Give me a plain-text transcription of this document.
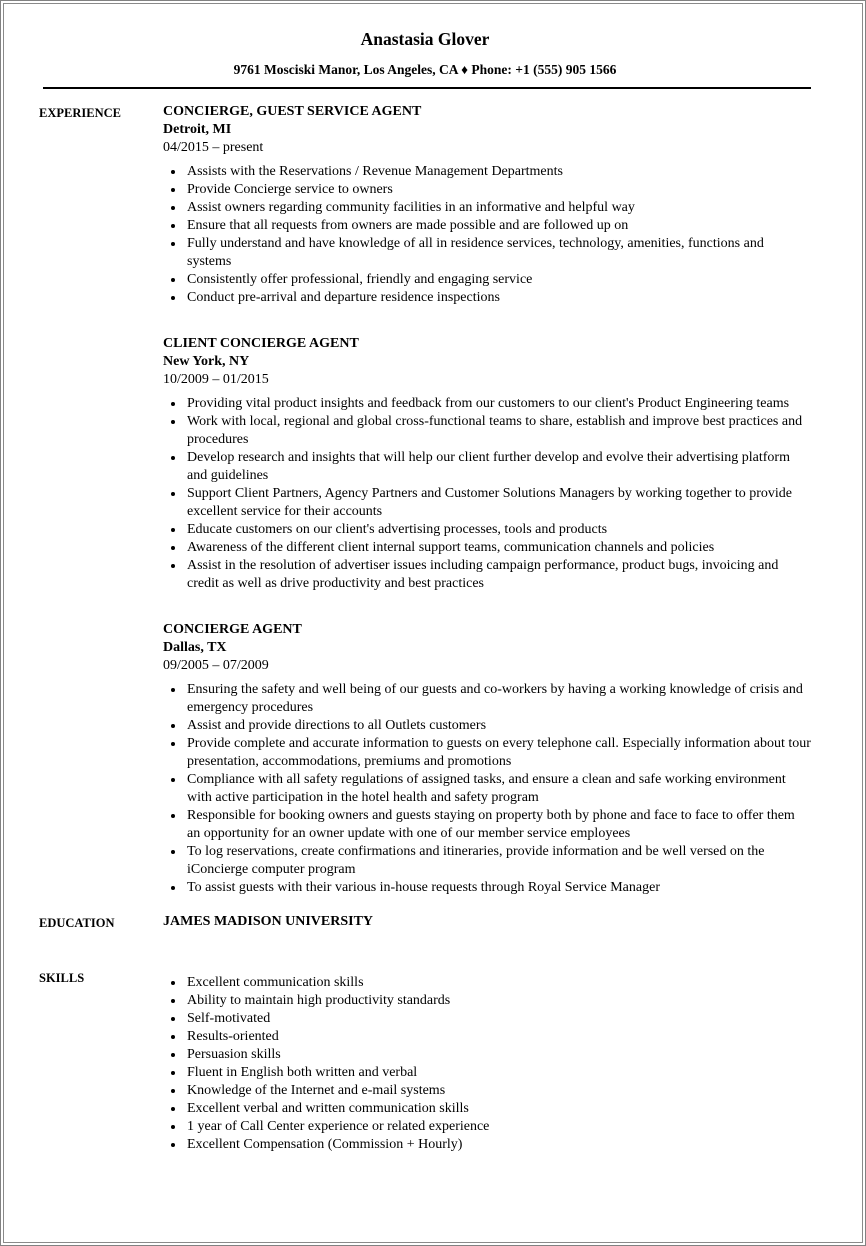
Anastasia Glover
9761 Mosciski Manor, Los Angeles, CA ♦ Phone: +1 (555) 905 1566
EXPERIENCE	CONCIERGE, GUEST SERVICE AGENT
Detroit, MI
04/2015 – present
• Assists with the Reservations / Revenue Management Departments
• Provide Concierge service to owners
• Assist owners regarding community facilities in an informative and helpful way
• Ensure that all requests from owners are made possible and are followed up on
• Fully understand and have knowledge of all in residence services, technology, amenities, functions and systems
• Consistently offer professional, friendly and engaging service
• Conduct pre-arrival and departure residence inspections
CLIENT CONCIERGE AGENT
New York, NY
10/2009 – 01/2015
• Providing vital product insights and feedback from our customers to our client's Product Engineering teams
• Work with local, regional and global cross-functional teams to share, establish and improve best practices and procedures
• Develop research and insights that will help our client further develop and evolve their advertising platform and guidelines
• Support Client Partners, Agency Partners and Customer Solutions Managers by working together to provide excellent service for their accounts
• Educate customers on our client's advertising processes, tools and products
• Awareness of the different client internal support teams, communication channels and policies
• Assist in the resolution of advertiser issues including campaign performance, product bugs, invoicing and credit as well as drive productivity and best practices
CONCIERGE AGENT
Dallas, TX
09/2005 – 07/2009
• Ensuring the safety and well being of our guests and co-workers by having a working knowledge of crisis and emergency procedures
• Assist and provide directions to all Outlets customers
• Provide complete and accurate information to guests on every telephone call. Especially information about tour presentation, accommodations, premiums and promotions
• Compliance with all safety regulations of assigned tasks, and ensure a clean and safe working environment with active participation in the hotel health and safety program
• Responsible for booking owners and guests staying on property both by phone and face to face to offer them an opportunity for an owner update with one of our member service employees
• To log reservations, create confirmations and itineraries, provide information and be well versed on the iConcierge computer program
• To assist guests with their various in-house requests through Royal Service Manager
EDUCATION	JAMES MADISON UNIVERSITY
SKILLS	• Excellent communication skills
• Ability to maintain high productivity standards
• Self-motivated
• Results-oriented
• Persuasion skills
• Fluent in English both written and verbal
• Knowledge of the Internet and e-mail systems
• Excellent verbal and written communication skills
• 1 year of Call Center experience or related experience
• Excellent Compensation (Commission + Hourly)
